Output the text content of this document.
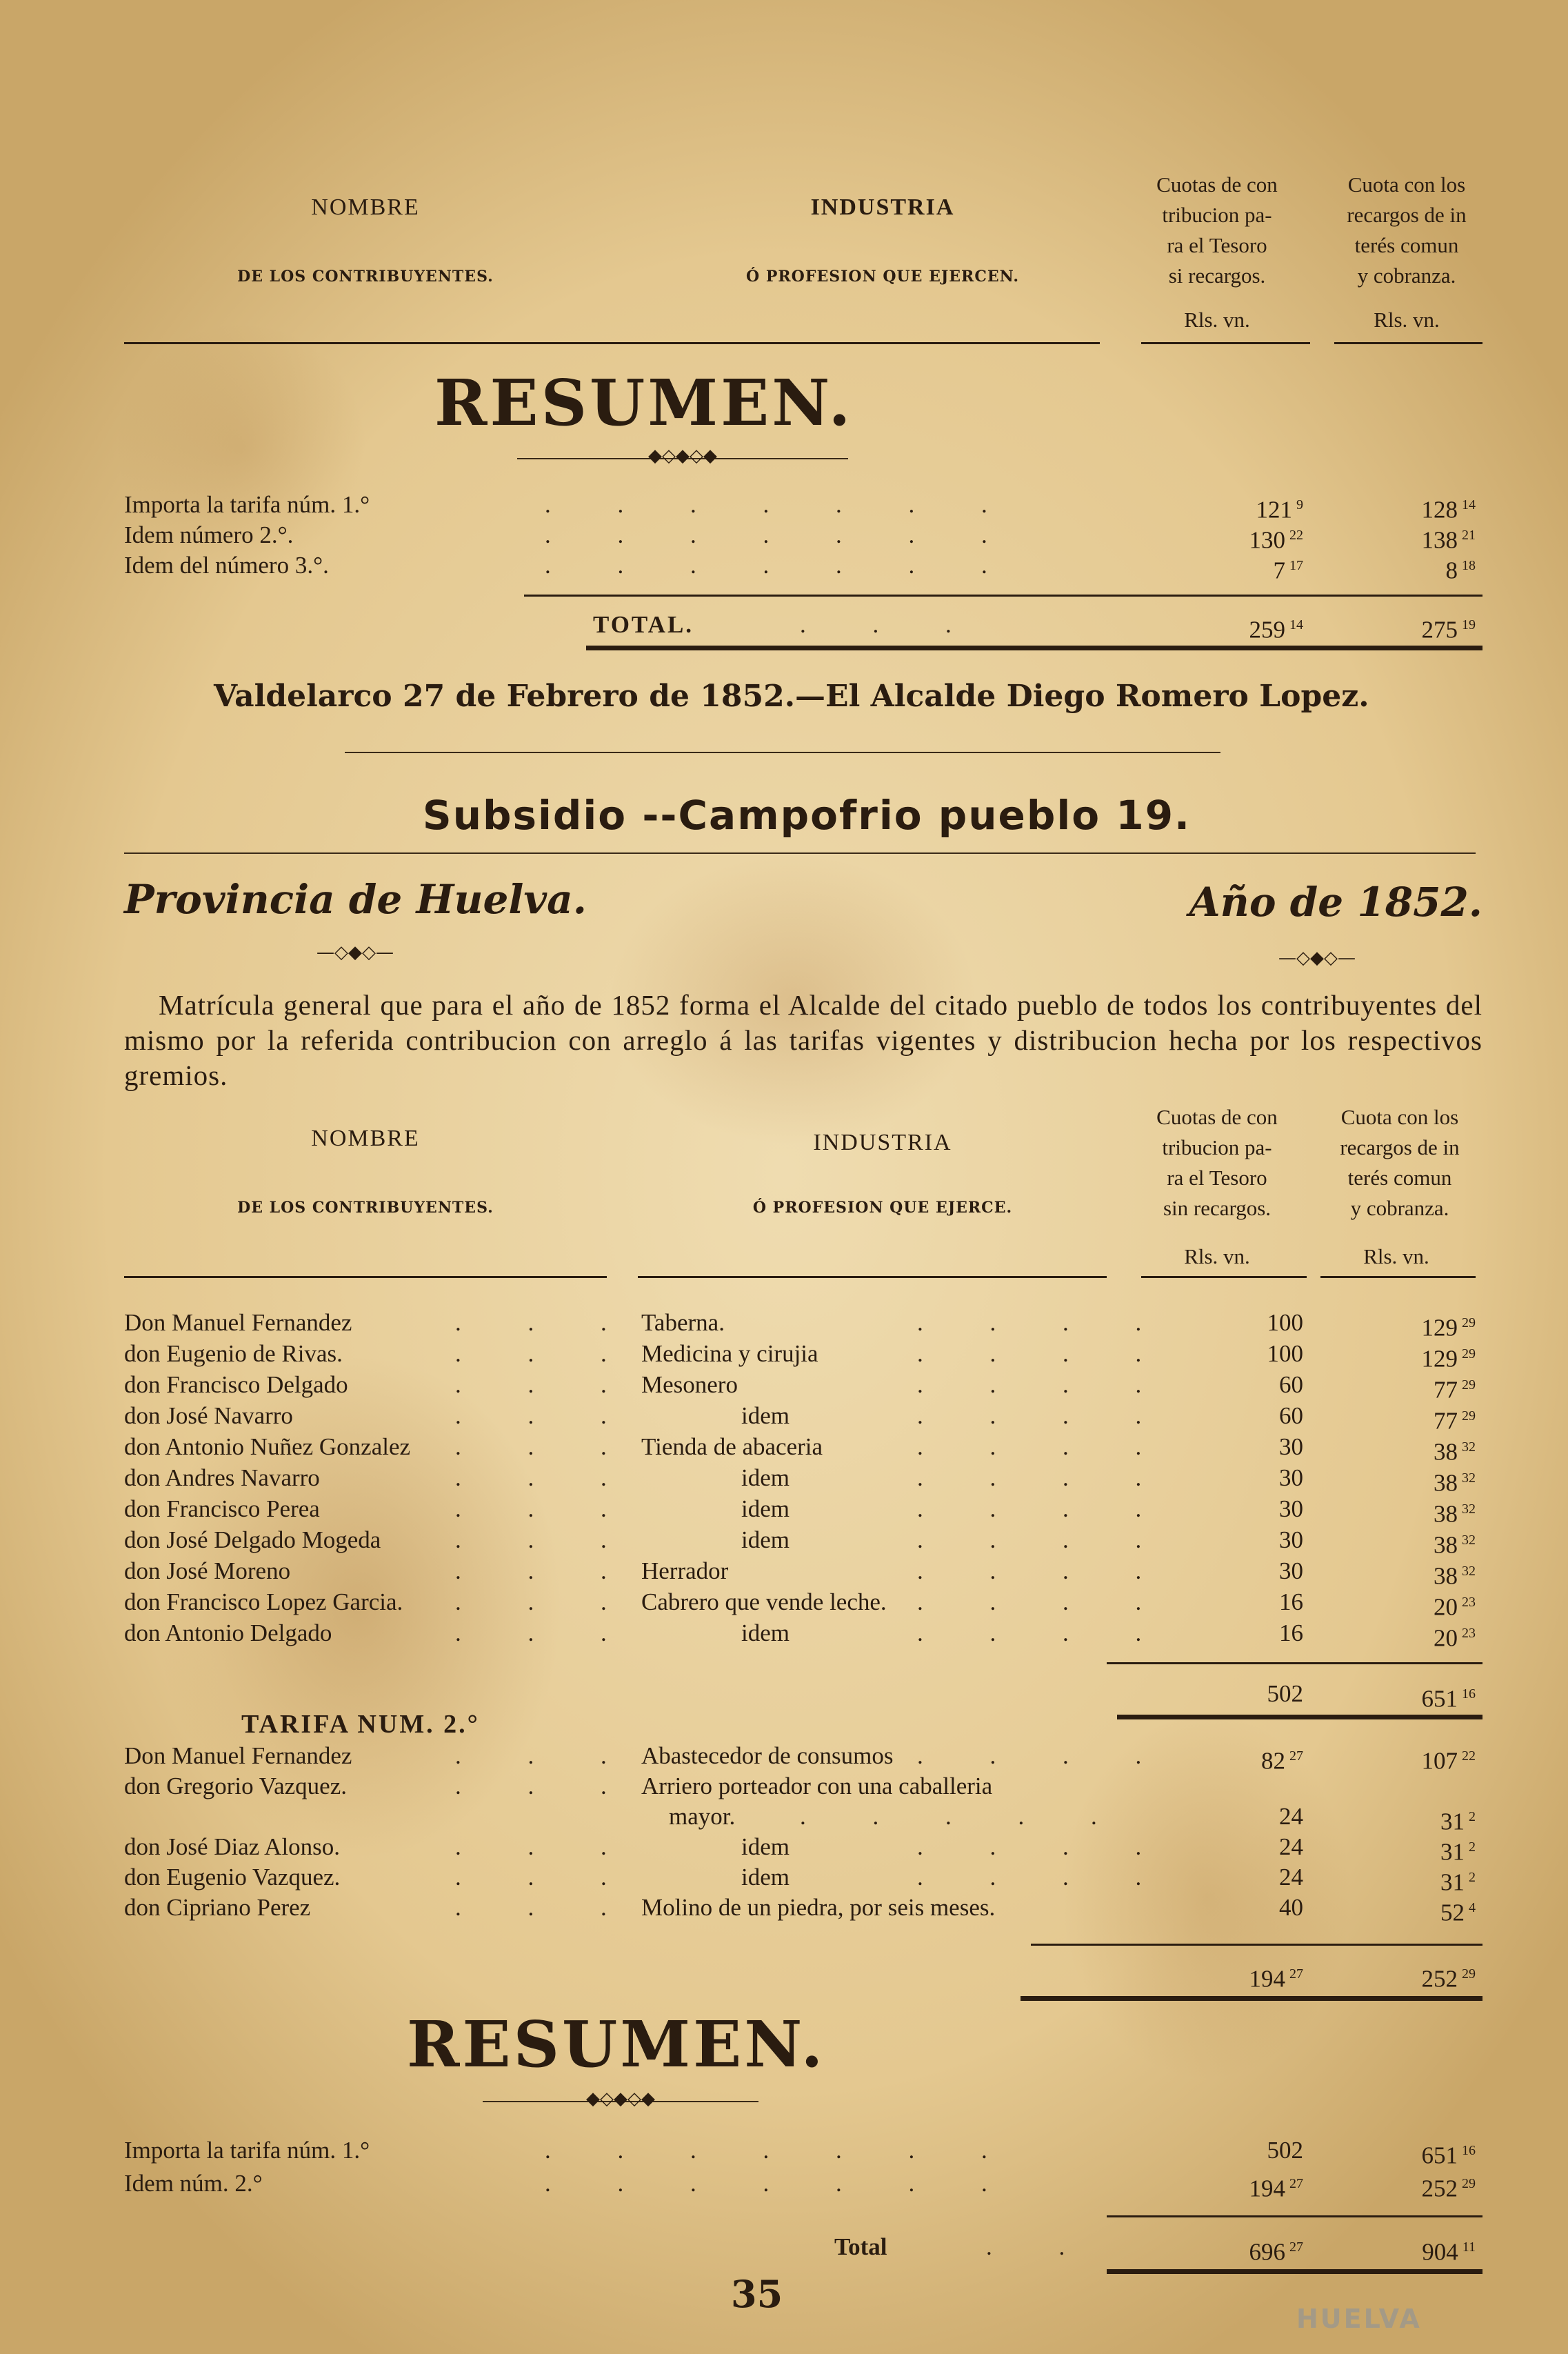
NOMBRE
DE LOS CONTRIBUYENTES.
INDUSTRIA
Ó PROFESION QUE EJERCEN.
Cuotas de con
tribucion pa-
ra el Tesoro
si recargos.
Cuota con los
recargos de in
terés comun
y cobranza.
Rls. vn.	Rls. vn.
RESUMEN.
◆◇◆◇◆
Importa la tarifa núm. 1.°	. . . . . . .	121 $^9$	128 $^{14}$
Idem número 2.°.	. . . . . . .	130 $^{22}$	138 $^{21}$
Idem del número 3.°.	. . . . . . .	7 $^{17}$	8 $^{18}$
TOTAL.	. . .	259 $^{14}$	275 $^{19}$
Valdelarco 27 de Febrero de 1852.—El Alcalde Diego Romero Lopez.
Subsidio --Campofrio pueblo 19.
Provincia de Huelva.	Año de 1852.
—◇◆◇—	—◇◆◇—
Matrícula general que para el año de 1852 forma el Alcalde del citado pueblo de todos los contribuyentes del mismo por la referida contribucion con arreglo á las tarifas vigentes y distribucion hecha por los respectivos gremios.
NOMBRE
DE LOS CONTRIBUYENTES.
INDUSTRIA
Ó PROFESION QUE EJERCE.
Cuotas de con
tribucion pa-
ra el Tesoro
sin recargos.
Cuota con los
recargos de in
terés comun
y cobranza.
Rls. vn.	Rls. vn.
Don Manuel Fernandez	. . . Taberna.	. . . .	100	129 $^{29}$
don Eugenio de Rivas.	. . . Medicina y cirujia	. . . .	100	129 $^{29}$
don Francisco Delgado	. . . Mesonero	. . . .	60	77 $^{29}$
don José Navarro	. . .	idem	. . . .	60	77 $^{29}$
don Antonio Nuñez Gonzalez	. . . Tienda de abaceria	. . . .	30	38 $^{32}$
don Andres Navarro	. . .	idem	. . . .	30	38 $^{32}$
don Francisco Perea	. . .	idem	. . . .	30	38 $^{32}$
don José Delgado Mogeda	. . .	idem	. . . .	30	38 $^{32}$
don José Moreno	. . . Herrador	. . . .	30	38 $^{32}$
don Francisco Lopez Garcia.	. . . Cabrero que vende leche.	. . . .	16	20 $^{23}$
don Antonio Delgado	. . .	idem	. . . .	16	20 $^{23}$
502	651 $^{16}$
TARIFA NUM. 2.°
Don Manuel Fernandez	. . . Abastecedor de consumos . . . .	82 $^{27}$	107 $^{22}$
don Gregorio Vazquez.	. . . Arriero porteador con una caballeria
mayor.	. . . . .	24	31 $^2$
don José Diaz Alonso.	. . .	idem	. . . .	24	31 $^2$
don Eugenio Vazquez.	. . .	idem	. . . .	24	31 $^2$
don Cipriano Perez	. . . Molino de un piedra, por seis meses.	40	52 $^4$
194 $^{27}$	252 $^{29}$
RESUMEN.
◆◇◆◇◆
Importa la tarifa núm. 1.°	. . . . . . .	502	651 $^{16}$
Idem núm. 2.°	. . . . . . .	194 $^{27}$	252 $^{29}$
Total	. .	696 $^{27}$	904 $^{11}$
35
HUELVA
